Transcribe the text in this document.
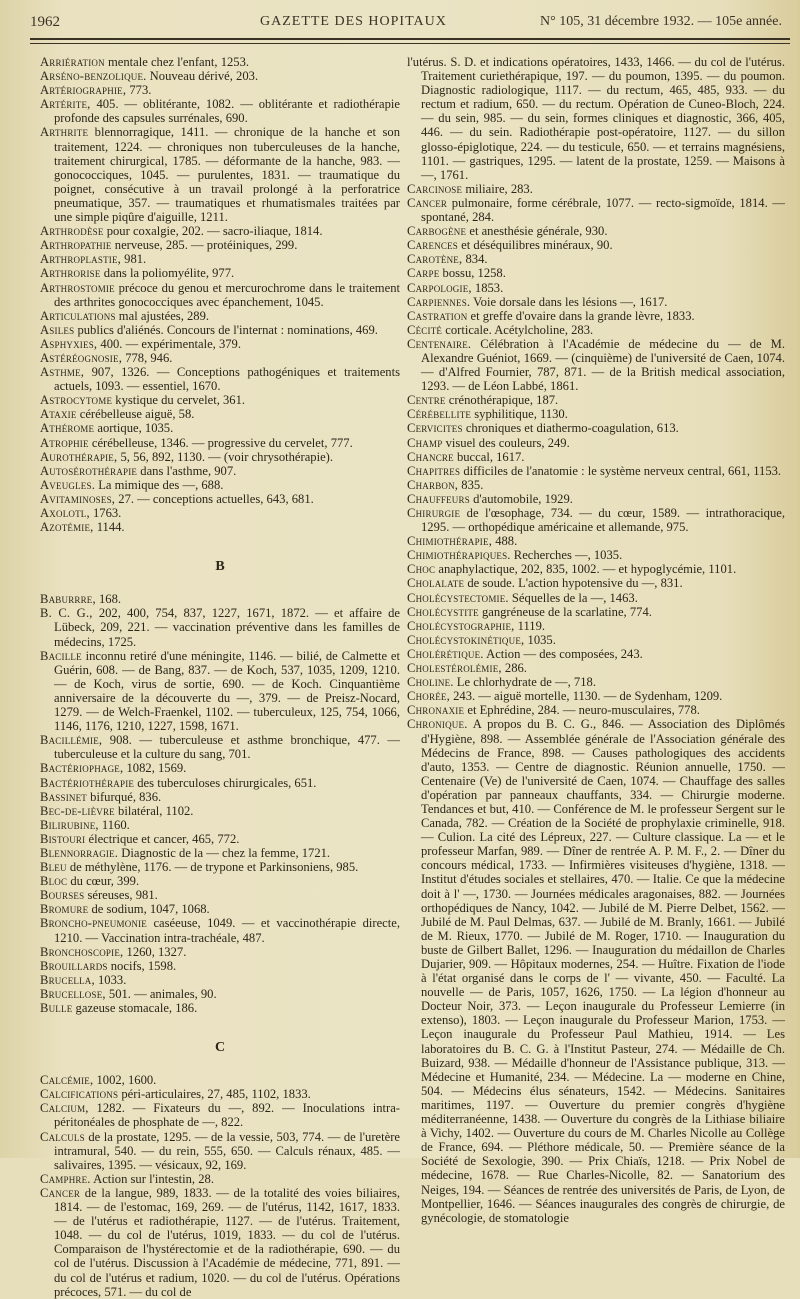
1962	GAZETTE DES HOPITAUX	N° 105, 31 décembre 1932. — 105e année.

Arriération mentale chez l'enfant, 1253.

Arséno-benzolique. Nouveau dérivé, 203.

Artériographie, 773.

Artérite, 405. — oblitérante, 1082. — oblitérante et radiothérapie profonde des capsules surrénales, 690.

Arthrite blennorragique, 1411. — chronique de la hanche et son traitement, 1224. — chroniques non tuberculeuses de la hanche, traitement chirurgical, 1785. — déformante de la hanche, 983. — gonococciques, 1045. — purulentes, 1831. — traumatique du poignet, consécutive à un travail prolongé à la perforatrice pneumatique, 357. — traumatiques et rhumatismales traitées par une simple piqûre d'aiguille, 1211.

Arthrodèse pour coxalgie, 202. — sacro-iliaque, 1814.

Arthropathie nerveuse, 285. — protéiniques, 299.

Arthroplastie, 981.

Arthrorise dans la poliomyélite, 977.

Arthrostomie précoce du genou et mercurochrome dans le traitement des arthrites gonococciques avec épanchement, 1045.

Articulations mal ajustées, 289.

Asiles publics d'aliénés. Concours de l'internat : nominations, 469.

Asphyxies, 400. — expérimentale, 379.

Astéréognosie, 778, 946.

Asthme, 907, 1326. — Conceptions pathogéniques et traitements actuels, 1093. — essentiel, 1670.

Astrocytome kystique du cervelet, 361.

Ataxie cérébelleuse aiguë, 58.

Athérome aortique, 1035.

Atrophie cérébelleuse, 1346. — progressive du cervelet, 777.

Aurothérapie, 5, 56, 892, 1130. — (voir chrysothérapie).

Autosérothérapie dans l'asthme, 907.

Aveugles. La mimique des —, 688.

Avitaminoses, 27. — conceptions actuelles, 643, 681.

Axolotl, 1763.

Azotémie, 1144.

B

Baburrre, 168.

B. C. G., 202, 400, 754, 837, 1227, 1671, 1872. — et affaire de Lübeck, 209, 221. — vaccination préventive dans les familles de médecins, 1725.

Bacille inconnu retiré d'une méningite, 1146. — bilié, de Calmette et Guérin, 608. — de Bang, 837. — de Koch, 537, 1035, 1209, 1210. — de Koch, virus de sortie, 690. — de Koch. Cinquantième anniversaire de la découverte du —, 379. — de Preisz-Nocard, 1279. — de Welch-Fraenkel, 1102. — tuberculeux, 125, 754, 1066, 1146, 1176, 1210, 1227, 1598, 1671.

Bacillémie, 908. — tuberculeuse et asthme bronchique, 477. — tuberculeuse et la culture du sang, 701.

Bactériophage, 1082, 1569.

Bactériothérapie des tuberculoses chirurgicales, 651.

Bassinet bifurqué, 836.

Bec-de-lièvre bilatéral, 1102.

Bilirubine, 1160.

Bistouri électrique et cancer, 465, 772.

Blennorragie. Diagnostic de la — chez la femme, 1721.

Bleu de méthylène, 1176. — de trypone et Parkinsoniens, 985.

Bloc du cœur, 399.

Bourses séreuses, 981.

Bromure de sodium, 1047, 1068.

Broncho-pneumonie caséeuse, 1049. — et vaccinothérapie directe, 1210. — Vaccination intra-trachéale, 487.

Bronchoscopie, 1260, 1327.

Brouillards nocifs, 1598.

Brucella, 1033.

Brucellose, 501. — animales, 90.

Bulle gazeuse stomacale, 186.

C

Calcémie, 1002, 1600.

Calcifications péri-articulaires, 27, 485, 1102, 1833.

Calcium, 1282. — Fixateurs du —, 892. — Inoculations intra-péritonéales de phosphate de —, 822.

Calculs de la prostate, 1295. — de la vessie, 503, 774. — de l'uretère intramural, 540. — du rein, 555, 650. — Calculs rénaux, 485. — salivaires, 1395. — vésicaux, 92, 169.

Camphre. Action sur l'intestin, 28.

Cancer de la langue, 989, 1833. — de la totalité des voies biliaires, 1814. — de l'estomac, 169, 269. — de l'utérus, 1142, 1617, 1833. — de l'utérus et radiothérapie, 1127. — de l'utérus. Traitement, 1048. — du col de l'utérus, 1019, 1833. — du col de l'utérus. Comparaison de l'hystérectomie et de la radiothérapie, 690. — du col de l'utérus. Discussion à l'Académie de médecine, 771, 891. — du col de l'utérus et radium, 1020. — du col de l'utérus. Opérations précoces, 571. — du col de

l'utérus. S. D. et indications opératoires, 1433, 1466. — du col de l'utérus. Traitement curiethérapique, 197. — du poumon, 1395. — du poumon. Diagnostic radiologique, 1117. — du rectum, 465, 485, 933. — du rectum et radium, 650. — du rectum. Opération de Cuneo-Bloch, 224. — du sein, 985. — du sein, formes cliniques et diagnostic, 366, 405, 446. — du sein. Radiothérapie post-opératoire, 1127. — du sillon glosso-épiglotique, 224. — du testicule, 650. — et terrains magnésiens, 1101. — gastriques, 1295. — latent de la prostate, 1259. — Maisons à —, 1761.

Carcinose miliaire, 283.

Cancer pulmonaire, forme cérébrale, 1077. — recto-sigmoïde, 1814. — spontané, 284.

Carbogène et anesthésie générale, 930.

Carences et déséquilibres minéraux, 90.

Carotène, 834.

Carpe bossu, 1258.

Carpologie, 1853.

Carpiennes. Voie dorsale dans les lésions —, 1617.

Castration et greffe d'ovaire dans la grande lèvre, 1833.

Cécité corticale. Acétylcholine, 283.

Centenaire. Célébration à l'Académie de médecine du — de M. Alexandre Guéniot, 1669. — (cinquième) de l'université de Caen, 1074. — d'Alfred Fournier, 787, 871. — de la British medical association, 1293. — de Léon Labbé, 1861.

Centre crénothérapique, 187.

Cérébellite syphilitique, 1130.

Cervicites chroniques et diathermo-coagulation, 613.

Champ visuel des couleurs, 249.

Chancre buccal, 1617.

Chapitres difficiles de l'anatomie : le système nerveux central, 661, 1153.

Charbon, 835.

Chauffeurs d'automobile, 1929.

Chirurgie de l'œsophage, 734. — du cœur, 1589. — intrathoracique, 1295. — orthopédique américaine et allemande, 975.

Chimiothérapie, 488.

Chimiothérapiques. Recherches —, 1035.

Choc anaphylactique, 202, 835, 1002. — et hypoglycémie, 1101.

Cholalate de soude. L'action hypotensive du —, 831.

Cholécystectomie. Séquelles de la —, 1463.

Cholécystite gangréneuse de la scarlatine, 774.

Cholécystographie, 1119.

Cholécystokinétique, 1035.

Cholérétique. Action — des composées, 243.

Cholestérolémie, 286.

Choline. Le chlorhydrate de —, 718.

Chorée, 243. — aiguë mortelle, 1130. — de Sydenham, 1209.

Chronaxie et Ephrédine, 284. — neuro-musculaires, 778.

Chronique. A propos du B. C. G., 846. — Association des Diplômés d'Hygiène, 898. — Assemblée générale de l'Association générale des Médecins de France, 898. — Causes pathologiques des accidents d'auto, 1353. — Centre de diagnostic. Réunion annuelle, 1750. — Centenaire (Ve) de l'université de Caen, 1074. — Chauffage des salles d'opération par panneaux chauffants, 334. — Chirurgie moderne. Tendances et but, 410. — Conférence de M. le professeur Sergent sur le Canada, 782. — Création de la Société de prophylaxie criminelle, 918. — Culion. La cité des Lépreux, 227. — Culture classique. La — et le professeur Marfan, 989. — Dîner de rentrée A. P. M. F., 2. — Dîner du concours médical, 1733. — Infirmières visiteuses d'hygiène, 1318. — Institut d'études sociales et stellaires, 470. — Italie. Ce que la médecine doit à l' —, 1730. — Journées médicales aragonaises, 882. — Journées orthopédiques de Nancy, 1042. — Jubilé de M. Pierre Delbet, 1562. — Jubilé de M. Paul Delmas, 637. — Jubilé de M. Branly, 1661. — Jubilé de M. Rieux, 1770. — Jubilé de M. Roger, 1710. — Inauguration du buste de Gilbert Ballet, 1296. — Inauguration du médaillon de Charles Dujarier, 909. — Hôpitaux modernes, 254. — Huître. Fixation de l'iode à l'état organisé dans le corps de l' — vivante, 450. — Faculté. La nouvelle — de Paris, 1057, 1626, 1750. — La légion d'honneur au Docteur Noir, 373. — Leçon inaugurale du Professeur Lemierre (in extenso), 1803. — Leçon inaugurale du Professeur Marion, 1753. — Leçon inaugurale du Professeur Paul Mathieu, 1914. — Les laboratoires du B. C. G. à l'Institut Pasteur, 274. — Médaille de Ch. Buizard, 938. — Médaille d'honneur de l'Assistance publique, 313. — Médecine et Humanité, 234. — Médecine. La — moderne en Chine, 504. — Médecins élus sénateurs, 1542. — Médecins. Sanitaires maritimes, 1197. — Ouverture du premier congrès d'hygiène méditerranéenne, 1438. — Ouverture du congrès de la Lithiase biliaire à Vichy, 1402. — Ouverture du cours de M. Charles Nicolle au Collège de France, 694. — Pléthore médicale, 50. — Première séance de la Société de Sexologie, 390. — Prix Chiaïs, 1218. — Prix Nobel de médecine, 1678. — Rue Charles-Nicolle, 82. — Sanatorium des Neiges, 194. — Séances de rentrée des universités de Paris, de Lyon, de Montpellier, 1646. — Séances inaugurales des congrès de chirurgie, de gynécologie, de stomatologie
